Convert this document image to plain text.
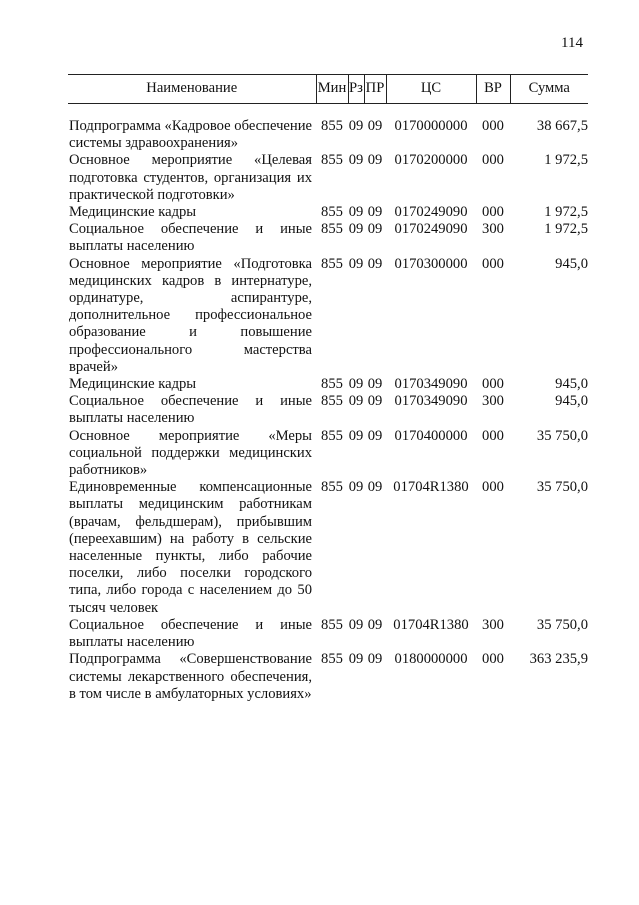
114
Наименование	Мин	Рз	ПР	ЦС	ВР	Сумма

Подпрограмма «Кадровое обеспечение системы здравоохранения»	855	09	09	0170000000	000	38 667,5
Основное мероприятие «Целевая подготовка студентов, организация их практической подготовки»	855	09	09	0170200000	000	1 972,5
Медицинские кадры	855	09	09	0170249090	000	1 972,5
Социальное обеспечение и иные выплаты населению	855	09	09	0170249090	300	1 972,5
Основное мероприятие «Подготовка медицинских кадров в интернатуре, ординатуре, аспирантуре, дополнительное профессиональное образование и повышение профессионального мастерства врачей»	855	09	09	0170300000	000	945,0
Медицинские кадры	855	09	09	0170349090	000	945,0
Социальное обеспечение и иные выплаты населению	855	09	09	0170349090	300	945,0
Основное мероприятие «Меры социальной поддержки медицинских работников»	855	09	09	0170400000	000	35 750,0
Единовременные компенсационные выплаты медицинским работникам (врачам, фельдшерам), прибывшим (переехавшим) на работу в сельские населенные пункты, либо рабочие поселки, либо поселки городского типа, либо города с населением до 50 тысяч человек	855	09	09	01704R1380	000	35 750,0
Социальное обеспечение и иные выплаты населению	855	09	09	01704R1380	300	35 750,0
Подпрограмма «Совершенствование системы лекарственного обеспечения, в том числе в амбулаторных условиях»	855	09	09	0180000000	000	363 235,9
